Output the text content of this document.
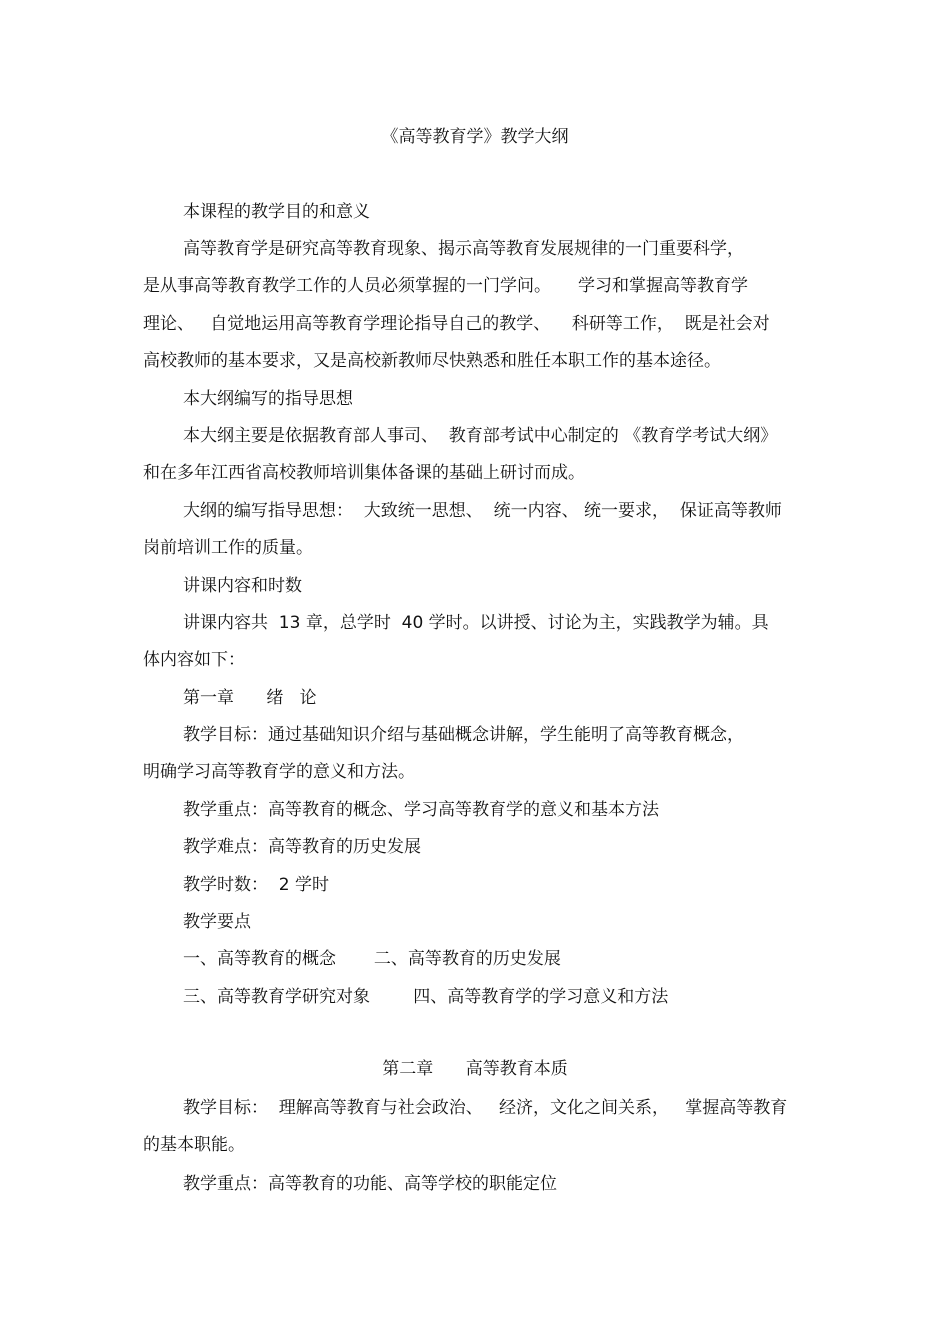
《高等教育学》教学大纲
本课程的教学目的和意义
高等教育学是研究高等教育现象、揭示高等教育发展规律的一门重要科学，
是从事高等教育教学工作的人员必须掌握的一门学问。     学习和掌握高等教育学
理论、   自觉地运用高等教育学理论指导自己的教学、    科研等工作，  既是社会对
高校教师的基本要求，又是高校新教师尽快熟悉和胜任本职工作的基本途径。
本大纲编写的指导思想
本大纲主要是依据教育部人事司、  教育部考试中心制定的 《教育学考试大纲》
和在多年江西省高校教师培训集体备课的基础上研讨而成。
大纲的编写指导思想：  大致统一思想、  统一内容、 统一要求，  保证高等教师
岗前培训工作的质量。
讲课内容和时数
讲课内容共  13 章，总学时  40 学时。以讲授、讨论为主，实践教学为辅。具
体内容如下：
第一章      绪   论
教学目标：通过基础知识介绍与基础概念讲解，学生能明了高等教育概念，
明确学习高等教育学的意义和方法。
教学重点：高等教育的概念、学习高等教育学的意义和基本方法
教学难点：高等教育的历史发展
教学时数：  2 学时
教学要点
一、高等教育的概念       二、高等教育的历史发展
三、高等教育学研究对象        四、高等教育学的学习意义和方法
第二章      高等教育本质
教学目标：  理解高等教育与社会政治、   经济，文化之间关系，   掌握高等教育
的基本职能。
教学重点：高等教育的功能、高等学校的职能定位
